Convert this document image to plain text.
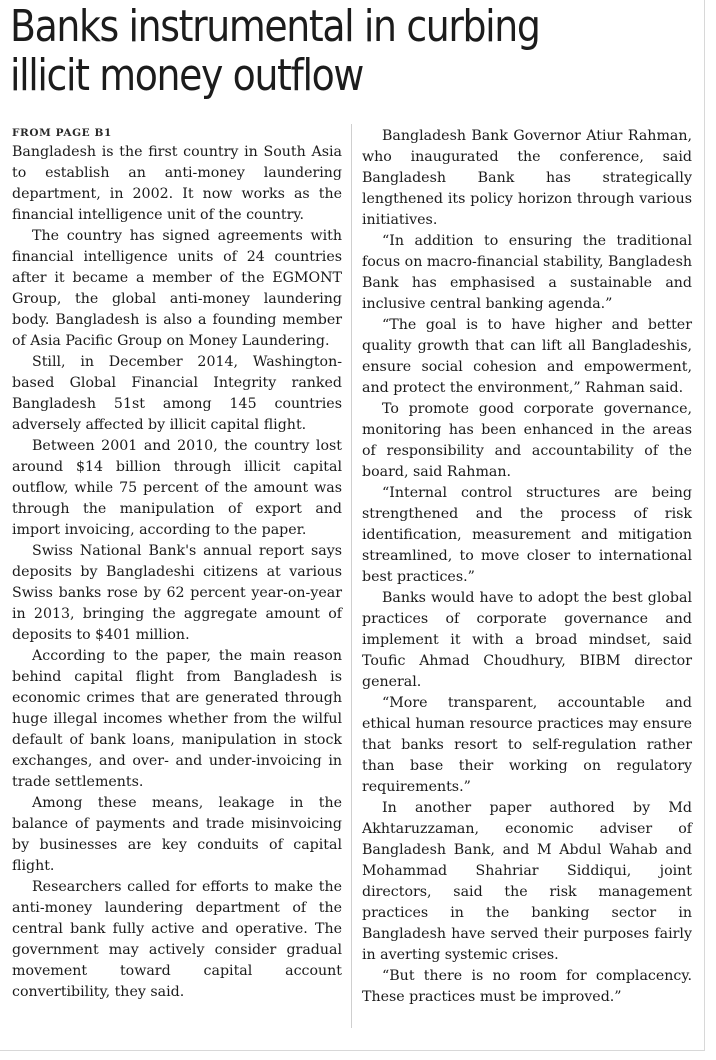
Banks instrumental in curbing
illicit money outflow

FROM PAGE B1

Bangladesh is the first country in South Asia to establish an anti-money laundering department, in 2002. It now works as the financial intelligence unit of the country.

The country has signed agreements with financial intelligence units of 24 countries after it became a member of the EGMONT Group, the global anti-money laundering body. Bangladesh is also a founding member of Asia Pacific Group on Money Laundering.

Still, in December 2014, Washington-based Global Financial Integrity ranked Bangladesh 51st among 145 countries adversely affected by illicit capital flight.

Between 2001 and 2010, the country lost around $14 billion through illicit capital outflow, while 75 percent of the amount was through the manipulation of export and import invoicing, according to the paper.

Swiss National Bank's annual report says deposits by Bangladeshi citizens at various Swiss banks rose by 62 percent year-on-year in 2013, bringing the aggregate amount of deposits to $401 million.

According to the paper, the main reason behind capital flight from Bangladesh is economic crimes that are generated through huge illegal incomes whether from the wilful default of bank loans, manipulation in stock exchanges, and over- and under-invoicing in trade settlements.

Among these means, leakage in the balance of payments and trade misinvoicing by businesses are key conduits of capital flight.

Researchers called for efforts to make the anti-money laundering department of the central bank fully active and operative. The government may actively consider gradual movement toward capital account convertibility, they said.

Bangladesh Bank Governor Atiur Rahman, who inaugurated the conference, said Bangladesh Bank has strategically lengthened its policy horizon through various initiatives.

“In addition to ensuring the traditional focus on macro-financial stability, Bangladesh Bank has emphasised a sustainable and inclusive central banking agenda.”

“The goal is to have higher and better quality growth that can lift all Bangladeshis, ensure social cohesion and empowerment, and protect the environment,” Rahman said.

To promote good corporate governance, monitoring has been enhanced in the areas of responsibility and accountability of the board, said Rahman.

“Internal control structures are being strengthened and the process of risk identification, measurement and mitigation streamlined, to move closer to international best practices.”

Banks would have to adopt the best global practices of corporate governance and implement it with a broad mindset, said Toufic Ahmad Choudhury, BIBM director general.

“More transparent, accountable and ethical human resource practices may ensure that banks resort to self-regulation rather than base their working on regulatory requirements.”

In another paper authored by Md Akhtaruzzaman, economic adviser of Bangladesh Bank, and M Abdul Wahab and Mohammad Shahriar Siddiqui, joint directors, said the risk management practices in the banking sector in Bangladesh have served their purposes fairly in averting systemic crises.

“But there is no room for complacency. These practices must be improved.”
